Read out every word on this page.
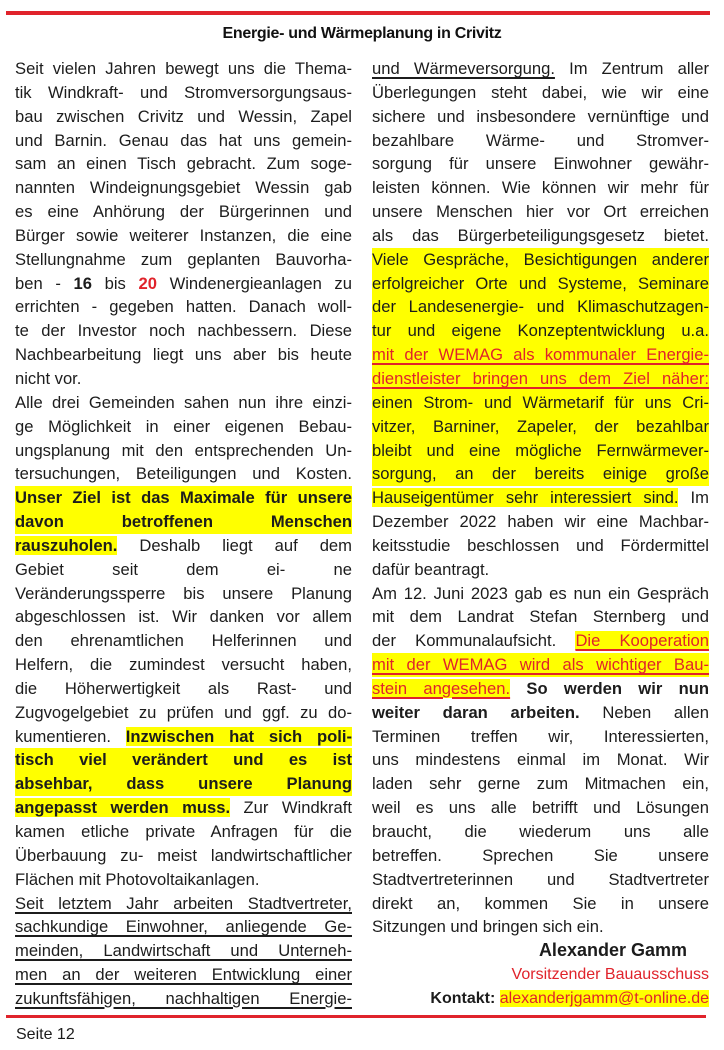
Energie- und Wärmeplanung in Crivitz
Seit vielen Jahren bewegt uns die Thema-
tik Windkraft- und Stromversorgungsaus-
bau zwischen Crivitz und Wessin, Zapel
und Barnin. Genau das hat uns gemein-
sam an einen Tisch gebracht. Zum soge-
nannten Windeignungsgebiet Wessin gab
es eine Anhörung der Bürgerinnen und
Bürger sowie weiterer Instanzen, die eine
Stellungnahme zum geplanten Bauvorha-
ben - 16 bis 20 Windenergieanlagen zu
errichten - gegeben hatten. Danach woll-
te der Investor noch nachbessern. Diese
Nachbearbeitung liegt uns aber bis heute
nicht vor.
Alle drei Gemeinden sahen nun ihre einzi-
ge Möglichkeit in einer eigenen Bebau-
ungsplanung mit den entsprechenden Un-
tersuchungen, Beteiligungen und Kosten.
Unser Ziel ist das Maximale für unsere
davon betroffenen Menschen
rauszuholen. Deshalb liegt auf dem
Gebiet seit dem ei- ne
Veränderungssperre bis unsere Planung
abgeschlossen ist. Wir danken vor allem
den ehrenamtlichen Helferinnen und
Helfern, die zumindest versucht haben,
die Höherwertigkeit als Rast- und
Zugvogelgebiet zu prüfen und ggf. zu do-
kumentieren. Inzwischen hat sich poli-
tisch viel verändert und es ist
absehbar, dass unsere Planung
angepasst werden muss. Zur Windkraft
kamen etliche private Anfragen für die
Überbauung zu- meist landwirtschaftlicher
Flächen mit Photovoltaikanlagen.
Seit letztem Jahr arbeiten Stadtvertreter,
sachkundige Einwohner, anliegende Ge-
meinden, Landwirtschaft und Unterneh-
men an der weiteren Entwicklung einer
zukunftsfähigen, nachhaltigen Energie-
und Wärmeversorgung. Im Zentrum aller
Überlegungen steht dabei, wie wir eine
sichere und insbesondere vernünftige und
bezahlbare Wärme- und Stromver-
sorgung für unsere Einwohner gewähr-
leisten können. Wie können wir mehr für
unsere Menschen hier vor Ort erreichen
als das Bürgerbeteiligungsgesetz bietet.
Viele Gespräche, Besichtigungen anderer
erfolgreicher Orte und Systeme, Seminare
der Landesenergie- und Klimaschutzagen-
tur und eigene Konzeptentwicklung u.a.
mit der WEMAG als kommunaler Energie-
dienstleister bringen uns dem Ziel näher:
einen Strom- und Wärmetarif für uns Cri-
vitzer, Barniner, Zapeler, der bezahlbar
bleibt und eine mögliche Fernwärmever-
sorgung, an der bereits einige große
Hauseigentümer sehr interessiert sind. Im
Dezember 2022 haben wir eine Machbar-
keitsstudie beschlossen und Fördermittel
dafür beantragt.
Am 12. Juni 2023 gab es nun ein Gespräch
mit dem Landrat Stefan Sternberg und
der Kommunalaufsicht. Die Kooperation
mit der WEMAG wird als wichtiger Bau-
stein angesehen. So werden wir nun
weiter daran arbeiten. Neben allen
Terminen treffen wir, Interessierten,
uns mindestens einmal im Monat. Wir
laden sehr gerne zum Mitmachen ein,
weil es uns alle betrifft und Lösungen
braucht, die wiederum uns alle
betreffen. Sprechen Sie unsere
Stadtvertreterinnen und Stadtvertreter
direkt an, kommen Sie in unsere
Sitzungen und bringen sich ein.
Alexander Gamm
Vorsitzender Bauausschuss
Kontakt: alexanderjgamm@t-online.de
Seite 12
